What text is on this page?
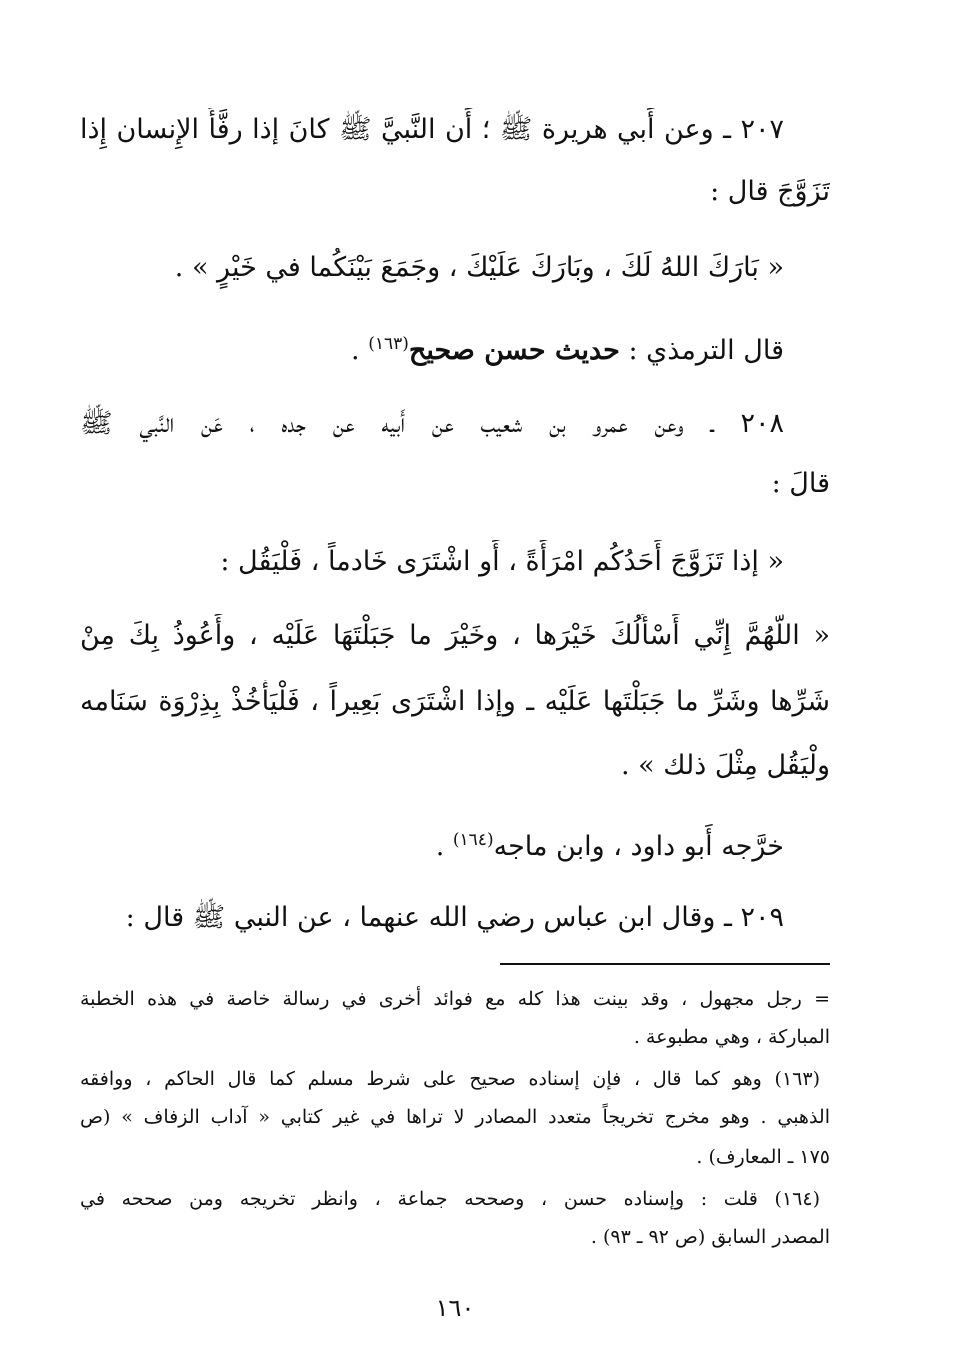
٢٠٧ ـ وعن أَبي هريرة ﷺ ؛ أَن النَّبيَّ ﷺ كانَ إذا رفَّأَ الإِنسان إِذا

تَزَوَّجَ قال :

« بَارَكَ اللهُ لَكَ ، وبَارَكَ عَلَيْكَ ، وجَمَعَ بَيْنَكُما في خَيْرٍ » .

قال الترمذي : حديث حسن صحيح$^{(١٦٣)}$ .

٢٠٨ ـ وعن عمرو بن شعيب عن أَبيه عن جده ، عَن النَّبي ﷺ

قالَ :

« إذا تَزَوَّجَ أَحَدُكُم امْرَأَةً ، أَو اشْتَرَى خَادماً ، فَلْيَقُل :

« اللَّهُمَّ إِنِّي أَسْأَلُكَ خَيْرَها ، وخَيْرَ ما جَبَلْتَهَا عَلَيْه ، وأَعُوذُ بِكَ مِنْ

شَرِّها وشَرِّ ما جَبَلْتَها عَلَيْه ـ وإذا اشْتَرَى بَعِيراً ، فَلْيَأْخُذْ بِذِرْوَة سَنَامه

ولْيَقُل مِثْلَ ذلك » .

خرَّجه أَبو داود ، وابن ماجه$^{(١٦٤)}$ .

٢٠٩ ـ وقال ابن عباس رضي الله عنهما ، عن النبي ﷺ قال :

= رجل مجهول ، وقد بينت هذا كله مع فوائد أخرى في رسالة خاصة في هذه الخطبة

المباركة ، وهي مطبوعة .

(١٦٣) وهو كما قال ، فإن إسناده صحيح على شرط مسلم كما قال الحاكم ، ووافقه

الذهبي . وهو مخرج تخريجاً متعدد المصادر لا تراها في غير كتابي « آداب الزفاف » (ص

١٧٥ ـ المعارف) .

(١٦٤) قلت : وإسناده حسن ، وصححه جماعة ، وانظر تخريجه ومن صححه في

المصدر السابق (ص ٩٢ ـ ٩٣) .

١٦٠
